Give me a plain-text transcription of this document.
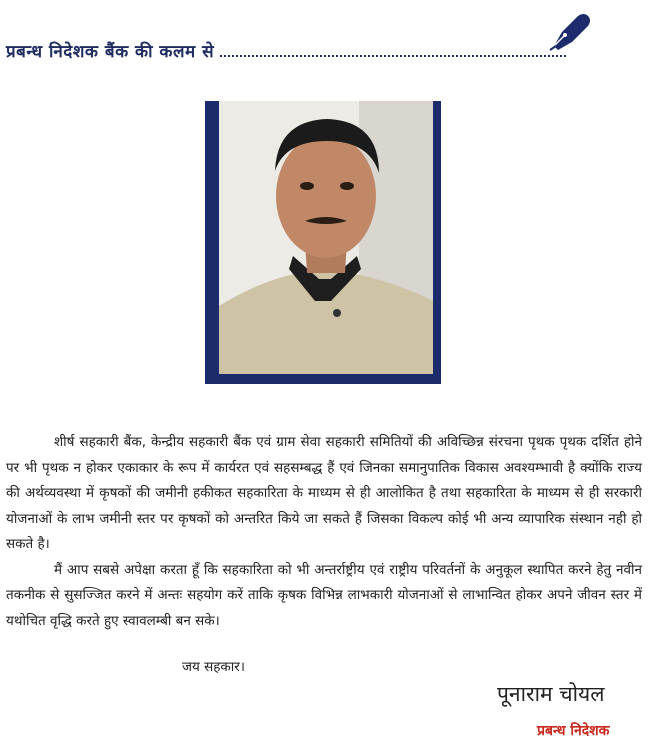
प्रबन्ध निदेशक बैंक की कलम से

शीर्ष सहकारी बैंक, केन्द्रीय सहकारी बैंक एवं ग्राम सेवा सहकारी समितियों की अविच्छिन्न संरचना पृथक पृथक दर्शित होने पर भी पृथक न होकर एकाकार के रूप में कार्यरत एवं सहसम्बद्ध हैं एवं जिनका समानुपातिक विकास अवश्यम्भावी है क्योंकि राज्य की अर्थव्यवस्था में कृषकों की जमीनी हकीकत सहकारिता के माध्यम से ही आलोकित है तथा सहकारिता के माध्यम से ही सरकारी योजनाओं के लाभ जमीनी स्तर पर कृषकों को अन्तरित किये जा सकते हैं जिसका विकल्प कोई भी अन्य व्यापारिक संस्थान नही हो सकते है।

मैं आप सबसे अपेक्षा करता हूँ कि सहकारिता को भी अन्तर्राष्ट्रीय एवं राष्ट्रीय परिवर्तनों के अनुकूल स्थापित करने हेतु नवीन तकनीक से सुसज्जित करने में अन्तः सहयोग करें ताकि कृषक विभिन्न लाभकारी योजनाओं से लाभान्वित होकर अपने जीवन स्तर में यथोचित वृद्धि करते हुए स्वावलम्बी बन सके।

जय सहकार।
पूनाराम चोयल
प्रबन्ध निदेशक
